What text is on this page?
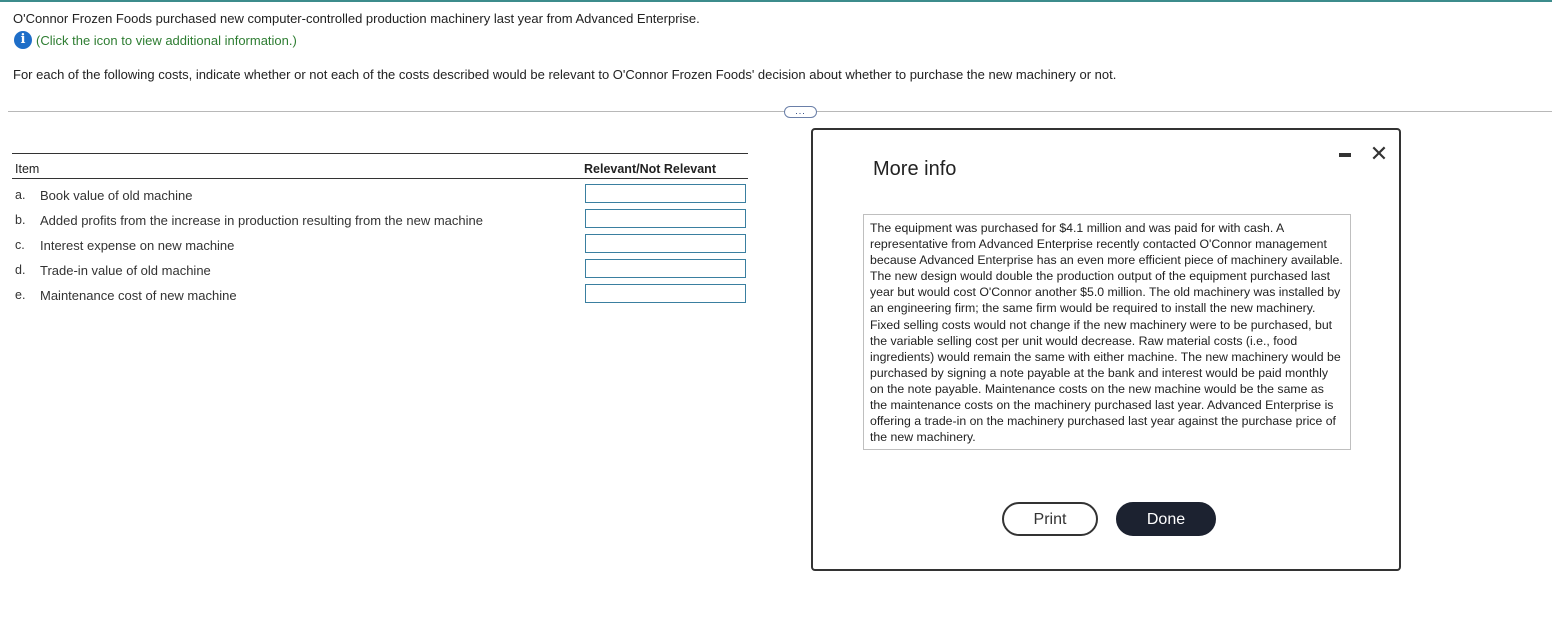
O'Connor Frozen Foods purchased new computer-controlled production machinery last year from Advanced Enterprise.
i (Click the icon to view additional information.)
For each of the following costs, indicate whether or not each of the costs described would be relevant to O'Connor Frozen Foods' decision about whether to purchase the new machinery or not.
...
Item	Relevant/Not Relevant
a.	Book value of old machine
b.	Added profits from the increase in production resulting from the new machine
c.	Interest expense on new machine
d.	Trade-in value of old machine
e.	Maintenance cost of new machine
More info
✕
The equipment was purchased for $4.1 million and was paid for with cash. A representative from Advanced Enterprise recently contacted O'Connor management because Advanced Enterprise has an even more efficient piece of machinery available. The new design would double the production output of the equipment purchased last year but would cost O'Connor another $5.0 million. The old machinery was installed by an engineering firm; the same firm would be required to install the new machinery. Fixed selling costs would not change if the new machinery were to be purchased, but the variable selling cost per unit would decrease. Raw material costs (i.e., food ingredients) would remain the same with either machine. The new machinery would be purchased by signing a note payable at the bank and interest would be paid monthly on the note payable. Maintenance costs on the new machine would be the same as the maintenance costs on the machinery purchased last year. Advanced Enterprise is offering a trade-in on the machinery purchased last year against the purchase price of the new machinery.
Print	Done
